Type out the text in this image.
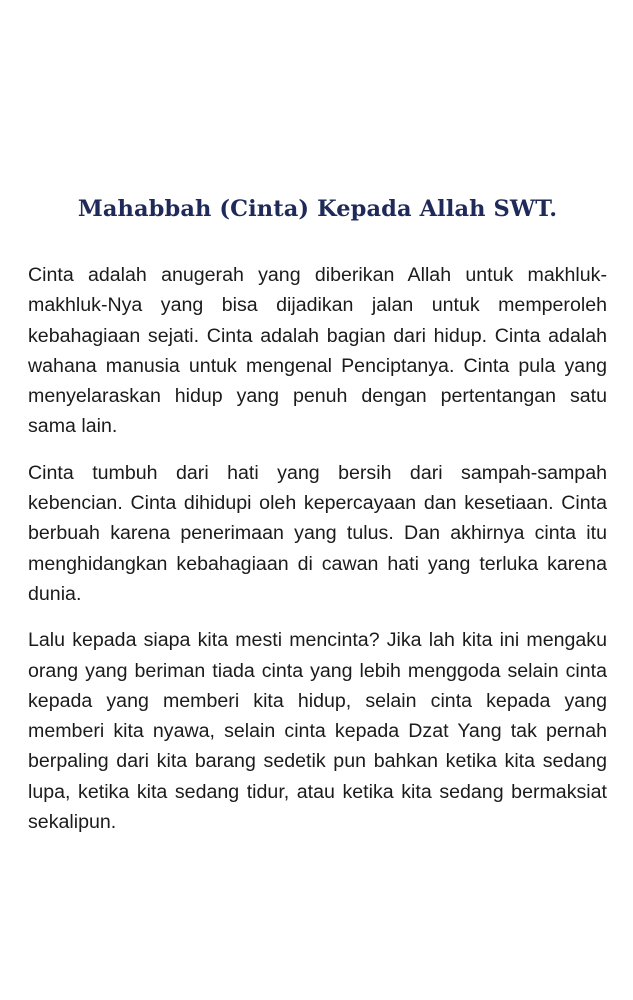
Mahabbah (Cinta) Kepada Allah SWT.

Cinta adalah anugerah yang diberikan Allah untuk makhluk-makhluk-Nya yang bisa dijadikan jalan untuk memperoleh kebahagiaan sejati. Cinta adalah bagian dari hidup. Cinta adalah wahana manusia untuk mengenal Penciptanya. Cinta pula yang menyelaraskan hidup yang penuh dengan pertentangan satu sama lain.

Cinta tumbuh dari hati yang bersih dari sampah-sampah kebencian. Cinta dihidupi oleh kepercayaan dan kesetiaan. Cinta berbuah karena penerimaan yang tulus. Dan akhirnya cinta itu menghidangkan kebahagiaan di cawan hati yang terluka karena dunia.

Lalu kepada siapa kita mesti mencinta? Jika lah kita ini mengaku orang yang beriman tiada cinta yang lebih menggoda selain cinta kepada yang memberi kita hidup, selain cinta kepada yang memberi kita nyawa, selain cinta kepada Dzat Yang tak pernah berpaling dari kita barang sedetik pun bahkan ketika kita sedang lupa, ketika kita sedang tidur, atau ketika kita sedang bermaksiat sekalipun.
